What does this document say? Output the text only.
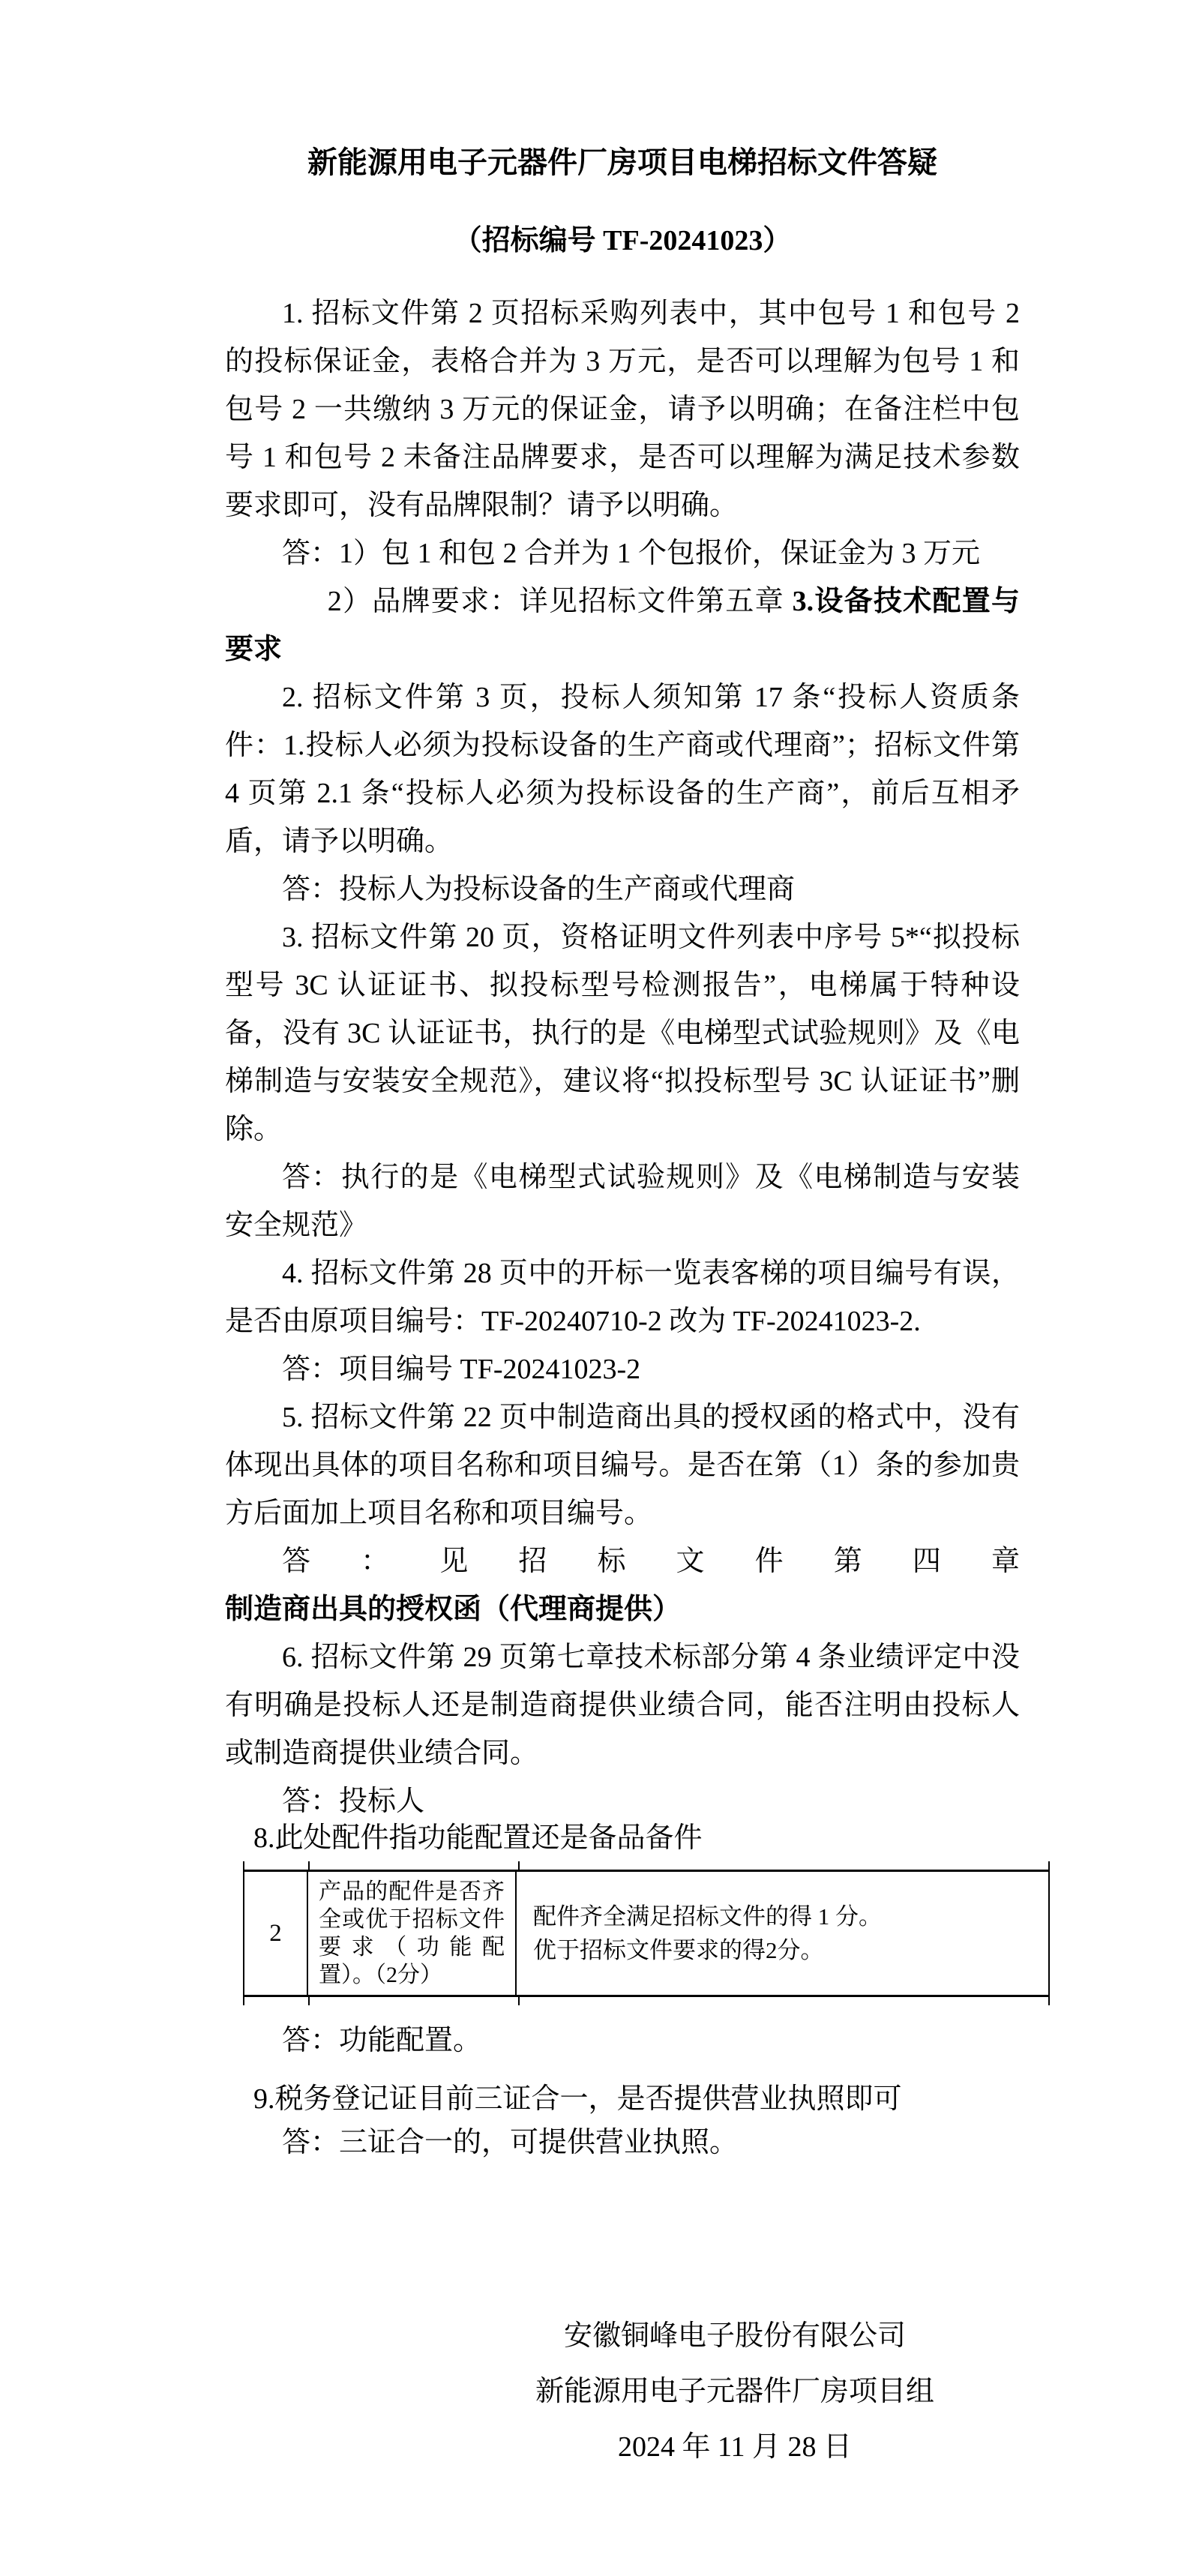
新能源用电子元器件厂房项目电梯招标文件答疑
（招标编号 TF-20241023）

1. 招标文件第 2 页招标采购列表中，其中包号 1 和包号 2 的投标保证金，表格合并为 3 万元，是否可以理解为包号 1 和包号 2 一共缴纳 3 万元的保证金，请予以明确；在备注栏中包号 1 和包号 2 未备注品牌要求，是否可以理解为满足技术参数要求即可，没有品牌限制？请予以明确。

答：1）包 1 和包 2 合并为 1 个包报价，保证金为 3 万元

2）品牌要求：详见招标文件第五章 3.设备技术配置与要求

2. 招标文件第 3 页，投标人须知第 17 条“投标人资质条件：1.投标人必须为投标设备的生产商或代理商”；招标文件第 4 页第 2.1 条“投标人必须为投标设备的生产商”，前后互相矛盾，请予以明确。

答：投标人为投标设备的生产商或代理商

3. 招标文件第 20 页，资格证明文件列表中序号 5*“拟投标型号 3C 认证证书、拟投标型号检测报告”，电梯属于特种设备，没有 3C 认证证书，执行的是《电梯型式试验规则》及《电梯制造与安装安全规范》，建议将“拟投标型号 3C 认证证书”删除。

答：执行的是《电梯型式试验规则》及《电梯制造与安装安全规范》

4. 招标文件第 28 页中的开标一览表客梯的项目编号有误，是否由原项目编号：TF-20240710-2 改为 TF-20241023-2.

答：项目编号 TF-20241023-2

5. 招标文件第 22 页中制造商出具的授权函的格式中，没有体现出具体的项目名称和项目编号。是否在第（1）条的参加贵方后面加上项目名称和项目编号。

答：见招标文件第四章 制造商出具的授权函（代理商提供）

6. 招标文件第 29 页第七章技术标部分第 4 条业绩评定中没有明确是投标人还是制造商提供业绩合同，能否注明由投标人或制造商提供业绩合同。

答：投标人

8.此处配件指功能配置还是备品备件

2
产品的配件是否齐全或优于招标文件要求（功能配置）。（2分）
配件齐全满足招标文件的得 1 分。
优于招标文件要求的得2分。

答：功能配置。

9.税务登记证目前三证合一，是否提供营业执照即可

答：三证合一的，可提供营业执照。

安徽铜峰电子股份有限公司
新能源用电子元器件厂房项目组
2024 年 11 月 28 日
